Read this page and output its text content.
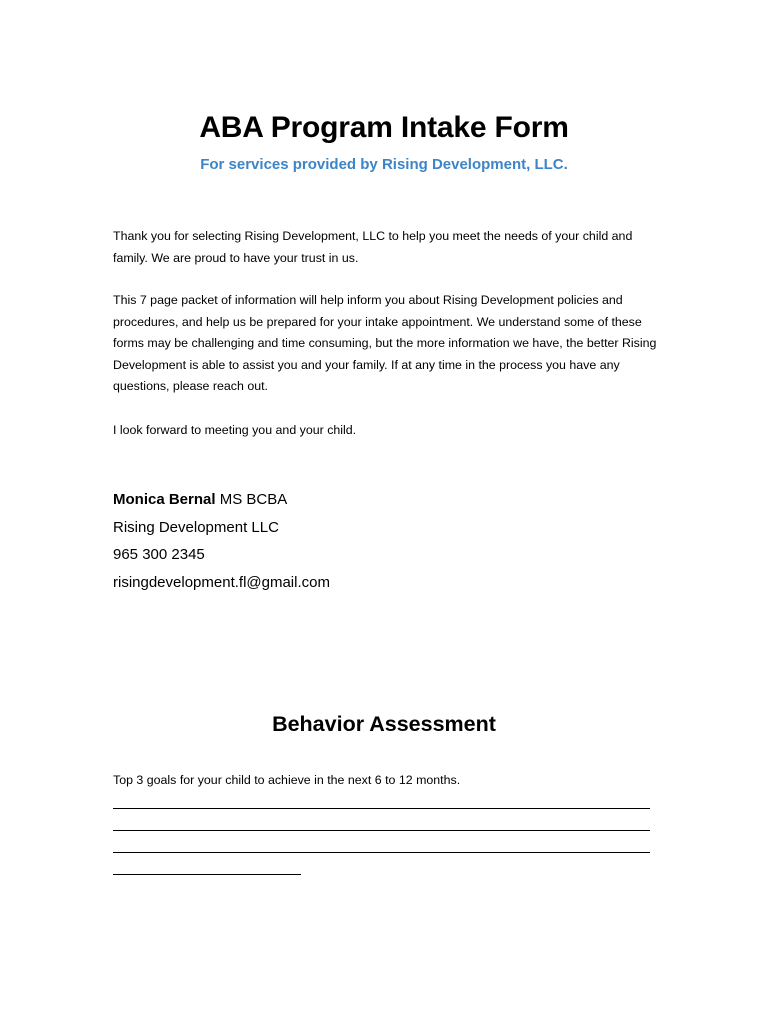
ABA Program Intake Form
For services provided by Rising Development, LLC.
Thank you for selecting Rising Development, LLC to help you meet the needs of your child and family. We are proud to have your trust in us.
This 7 page packet of information will help inform you about Rising Development policies and procedures, and help us be prepared for your intake appointment. We understand some of these forms may be challenging and time consuming, but the more information we have, the better Rising Development is able to assist you and your family. If at any time in the process you have any questions, please reach out.
I look forward to meeting you and your child.
Monica Bernal MS BCBA
Rising Development LLC
965 300 2345
risingdevelopment.fl@gmail.com
Behavior Assessment
Top 3 goals for your child to achieve in the next 6 to 12 months.
